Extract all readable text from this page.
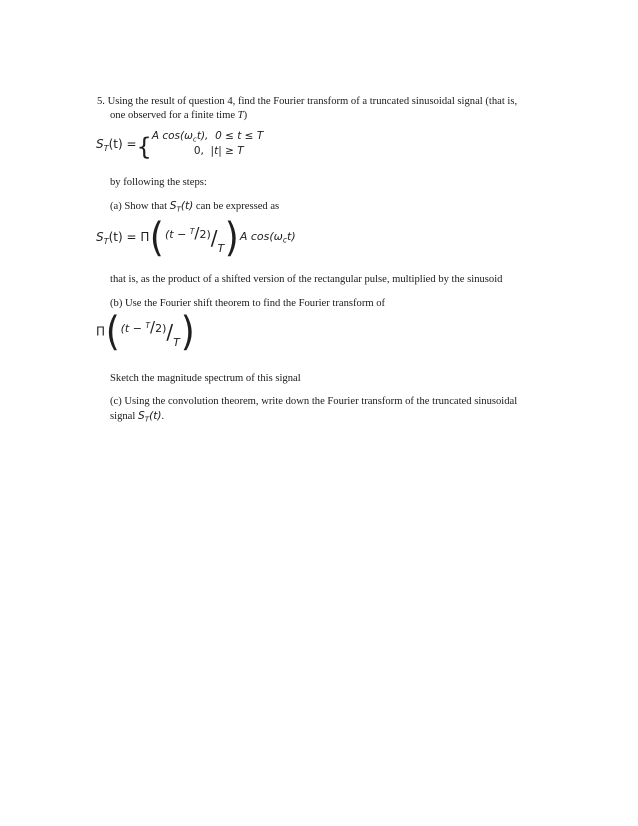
5. Using the result of question 4, find the Fourier transform of a truncated sinusoidal signal (that is,
one observed for a finite time T)
$S_T(t)$ ={ A $\cos(\omega_ct)$, 0 ≤ t ≤ T
0, |t| ≥ T
by following the steps:
(a) Show that $S_T(t)$ can be expressed as
$S_T(t) = \Pi((t - ^T/2)/T)A$ $\cos(\omega_ct)$
that is, as the product of a shifted version of the rectangular pulse, multiplied by the sinusoid
(b) Use the Fourier shift theorem to find the Fourier transform of
Π((t − $^T$/2)/T)
Sketch the magnitude spectrum of this signal
(c) Using the convolution theorem, write down the Fourier transform of the truncated sinusoidal
signal $S_T(t)$.
